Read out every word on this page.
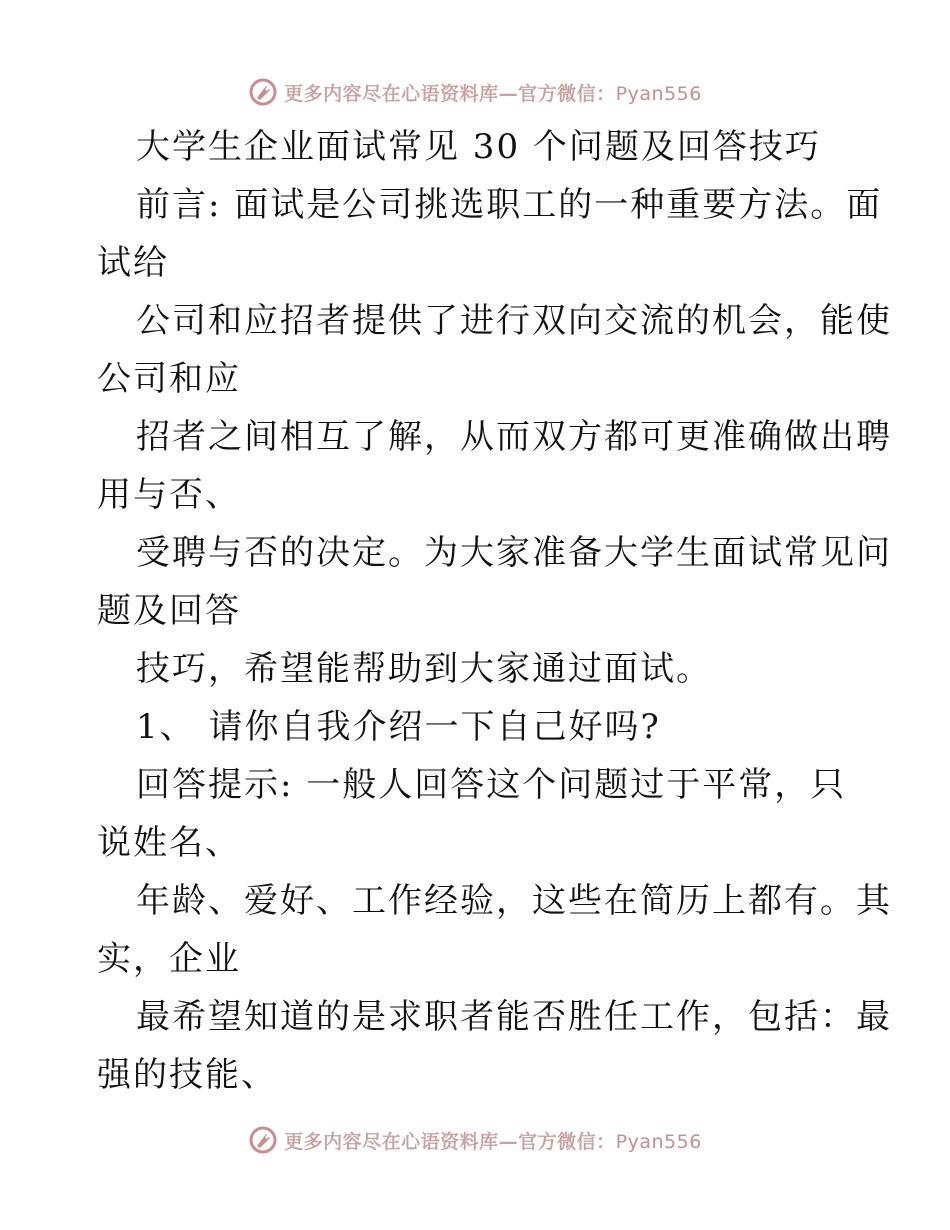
更多内容尽在心语资料库—官方微信：Pyan556
大学生企业面试常见 30 个问题及回答技巧
前言: 面试是公司挑选职工的一种重要方法。面
试给
公司和应招者提供了进行双向交流的机会，能使
公司和应
招者之间相互了解，从而双方都可更准确做出聘
用与否、
受聘与否的决定。为大家准备大学生面试常见问
题及回答
技巧，希望能帮助到大家通过面试。
1、 请你自我介绍一下自己好吗?
回答提示: 一般人回答这个问题过于平常，只
说姓名、
年龄、爱好、工作经验，这些在简历上都有。其
实，企业
最希望知道的是求职者能否胜任工作，包括：最
强的技能、
更多内容尽在心语资料库—官方微信：Pyan556
